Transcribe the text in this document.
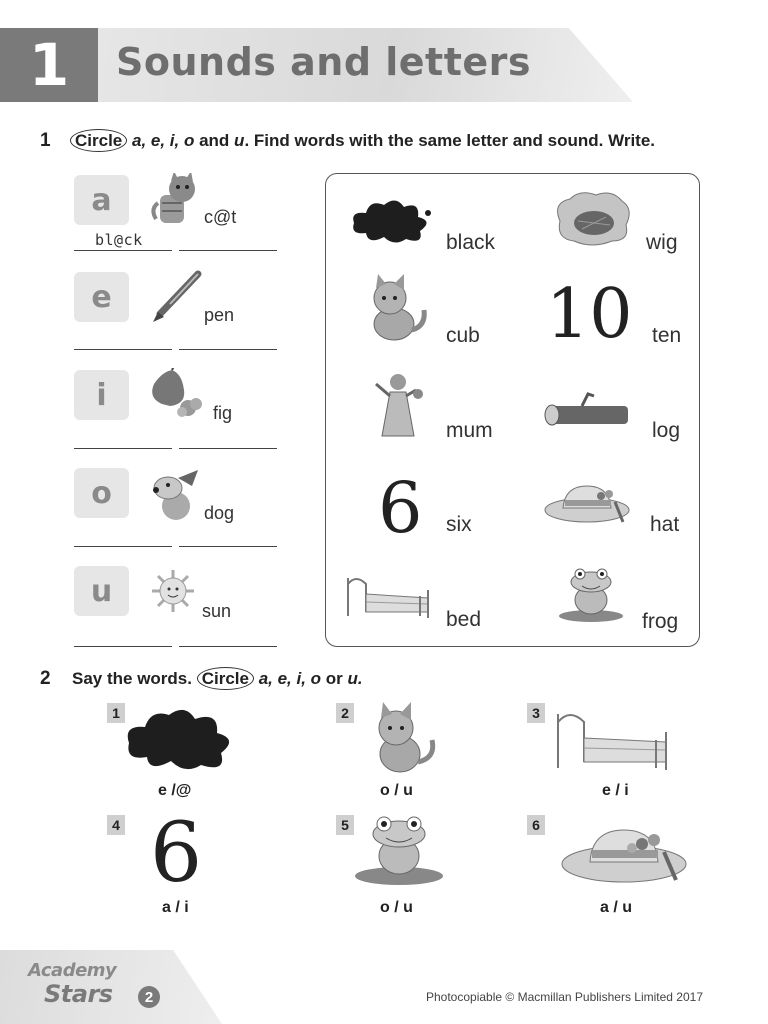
1	Sounds and letters
1 Circle a, e, i, o and u. Find words with the same letter and sound. Write.
a	c@t
bl@ck
e
pen
i
fig
o
dog
u
sun
black	wig
cub 10 ten
mum	log
6 six	hat
bed	frog
2 Say the words. Circle a, e, i, o or u.
1
e /@
2
o / u
3
e / i
4 6
a / i
5
o / u
6
a / u
Academy
Stars	2	Photocopiable © Macmillan Publishers Limited 2017
